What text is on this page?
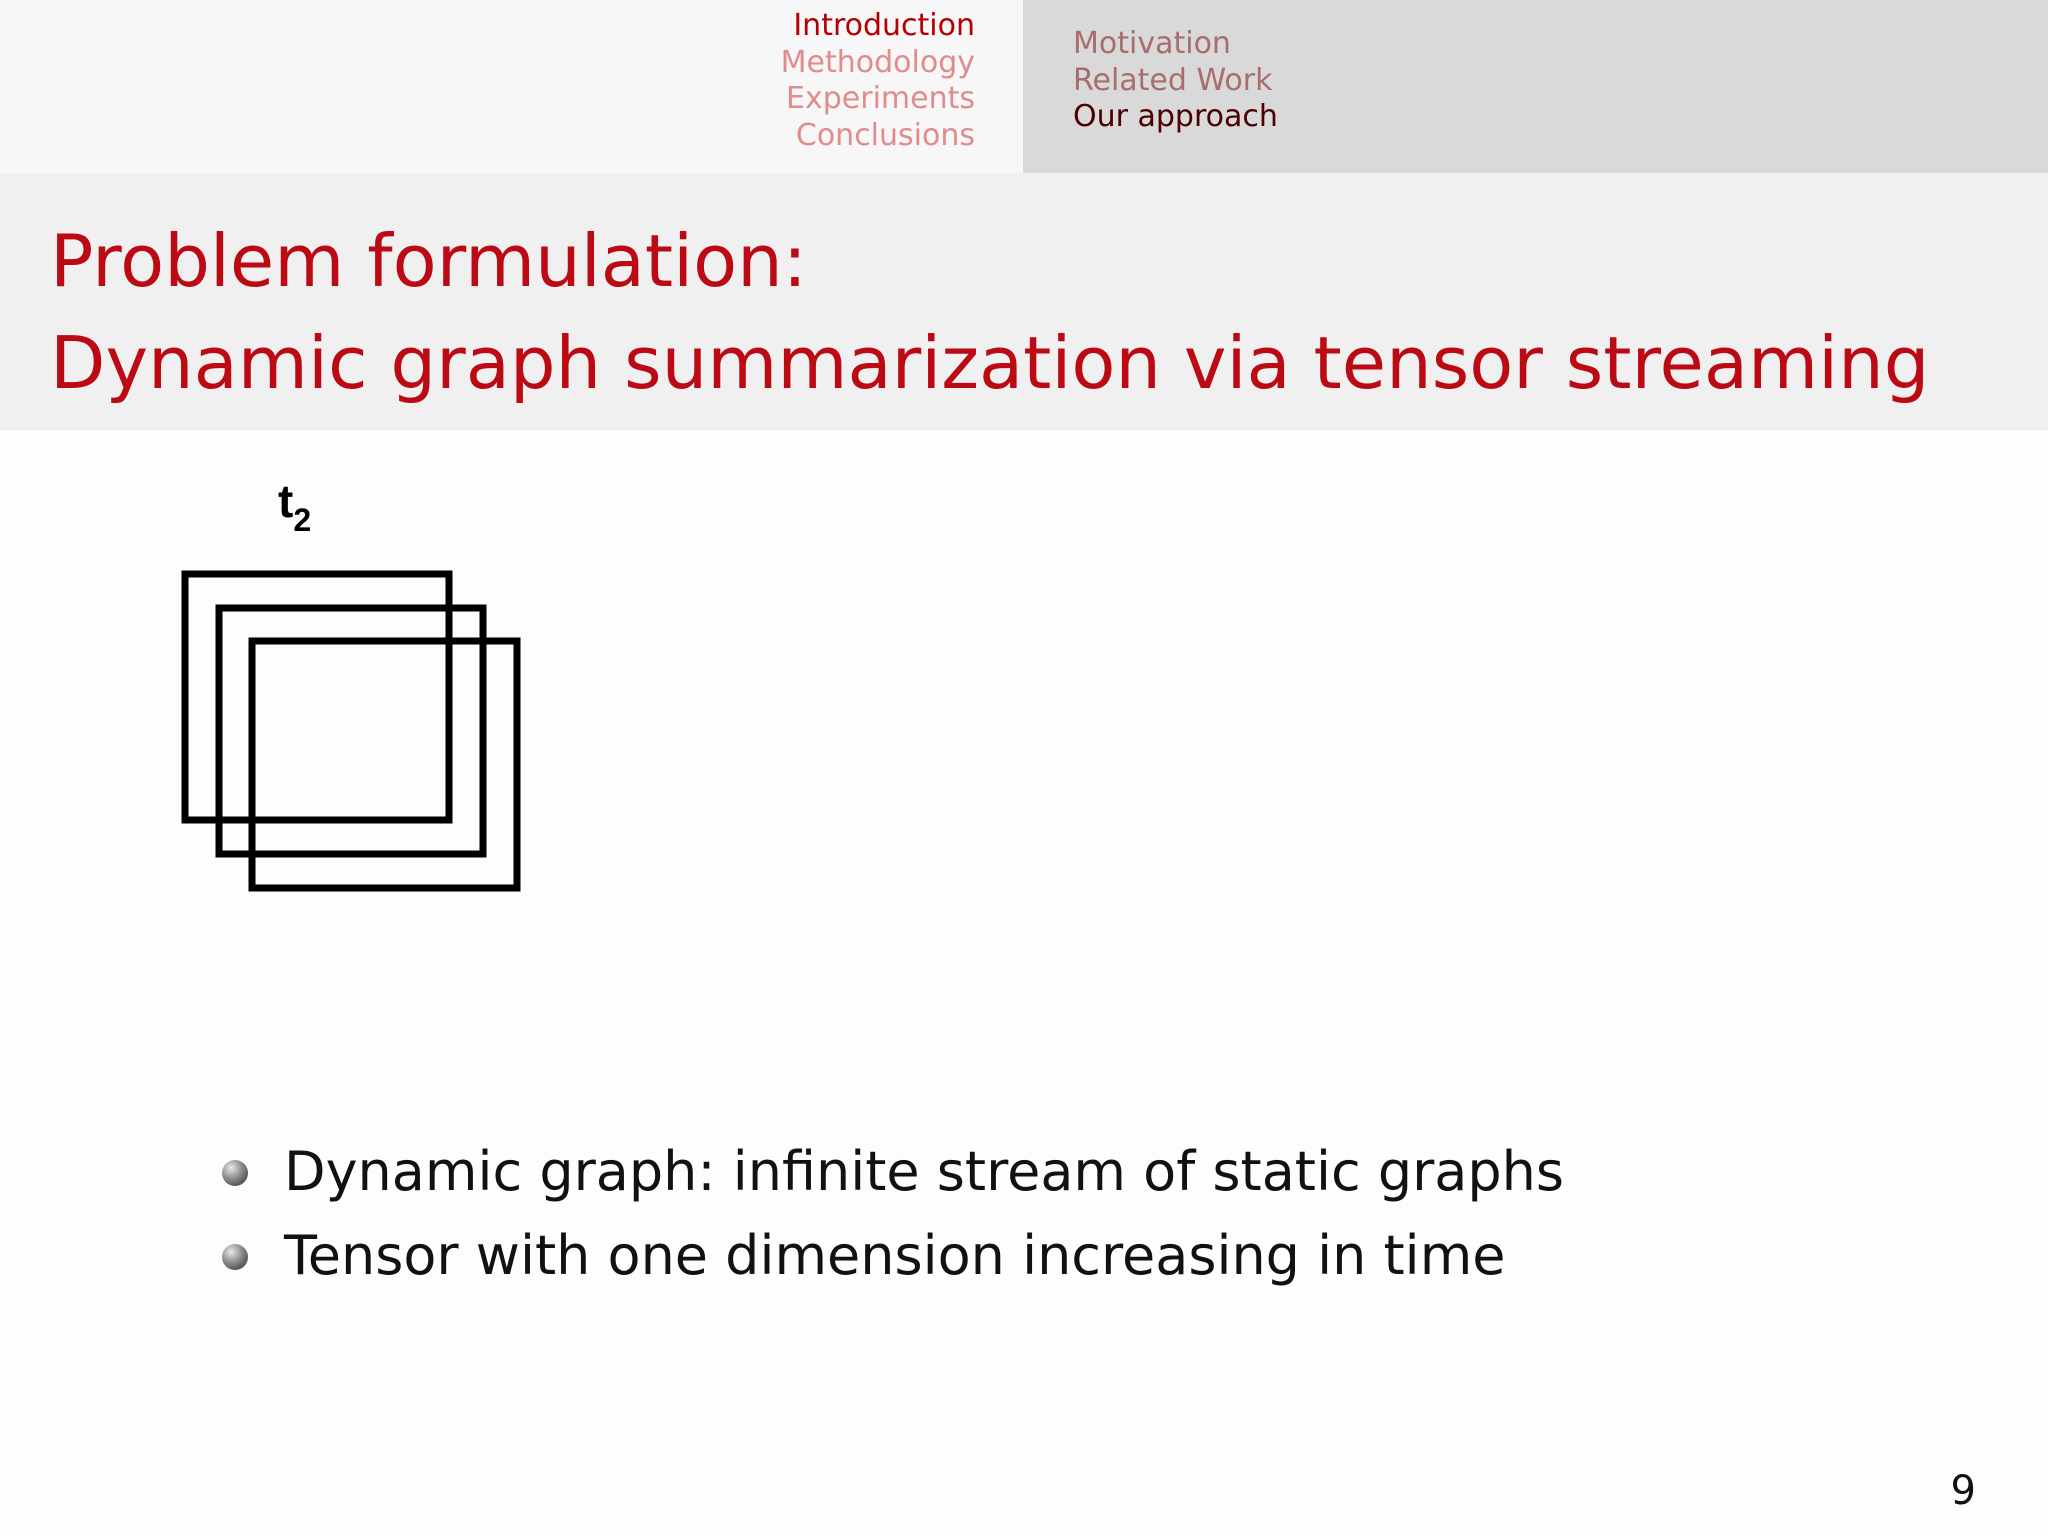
Introduction
Methodology
Experiments
Conclusions
Motivation
Related Work
Our approach
Problem formulation:
Dynamic graph summarization via tensor streaming
$t_2$
Dynamic graph: infinite stream of static graphs
Tensor with one dimension increasing in time
9
